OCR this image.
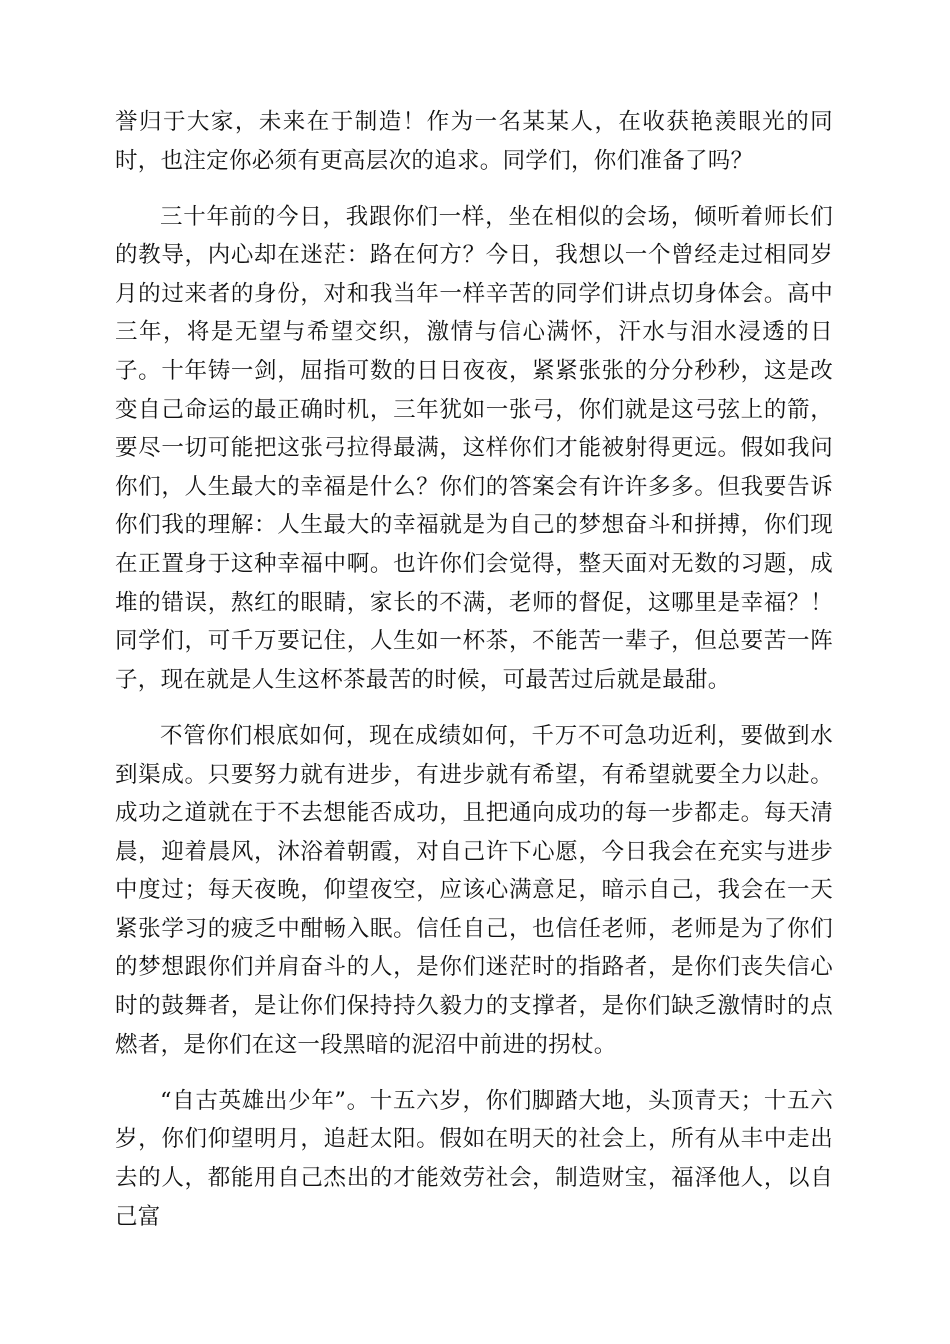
誉归于大家，未来在于制造！作为一名某某人，在收获艳羡眼光的同时，也注定你必须有更高层次的追求。同学们，你们准备了吗？

三十年前的今日，我跟你们一样，坐在相似的会场，倾听着师长们的教导，内心却在迷茫：路在何方？今日，我想以一个曾经走过相同岁月的过来者的身份，对和我当年一样辛苦的同学们讲点切身体会。高中三年，将是无望与希望交织，激情与信心满怀，汗水与泪水浸透的日子。十年铸一剑，屈指可数的日日夜夜，紧紧张张的分分秒秒，这是改变自己命运的最正确时机，三年犹如一张弓，你们就是这弓弦上的箭，要尽一切可能把这张弓拉得最满，这样你们才能被射得更远。假如我问你们，人生最大的幸福是什么？你们的答案会有许许多多。但我要告诉你们我的理解：人生最大的幸福就是为自己的梦想奋斗和拼搏，你们现在正置身于这种幸福中啊。也许你们会觉得，整天面对无数的习题，成堆的错误，熬红的眼睛，家长的不满，老师的督促，这哪里是幸福？！同学们，可千万要记住，人生如一杯茶，不能苦一辈子，但总要苦一阵子，现在就是人生这杯茶最苦的时候，可最苦过后就是最甜。

不管你们根底如何，现在成绩如何，千万不可急功近利，要做到水到渠成。只要努力就有进步，有进步就有希望，有希望就要全力以赴。成功之道就在于不去想能否成功，且把通向成功的每一步都走。每天清晨，迎着晨风，沐浴着朝霞，对自己许下心愿，今日我会在充实与进步中度过；每天夜晚，仰望夜空，应该心满意足，暗示自己，我会在一天紧张学习的疲乏中酣畅入眠。信任自己，也信任老师，老师是为了你们的梦想跟你们并肩奋斗的人，是你们迷茫时的指路者，是你们丧失信心时的鼓舞者，是让你们保持持久毅力的支撑者，是你们缺乏激情时的点燃者，是你们在这一段黑暗的泥沼中前进的拐杖。

“自古英雄出少年”。十五六岁，你们脚踏大地，头顶青天；十五六岁，你们仰望明月，追赶太阳。假如在明天的社会上，所有从丰中走出去的人，都能用自己杰出的才能效劳社会，制造财宝，福泽他人，以自己富
